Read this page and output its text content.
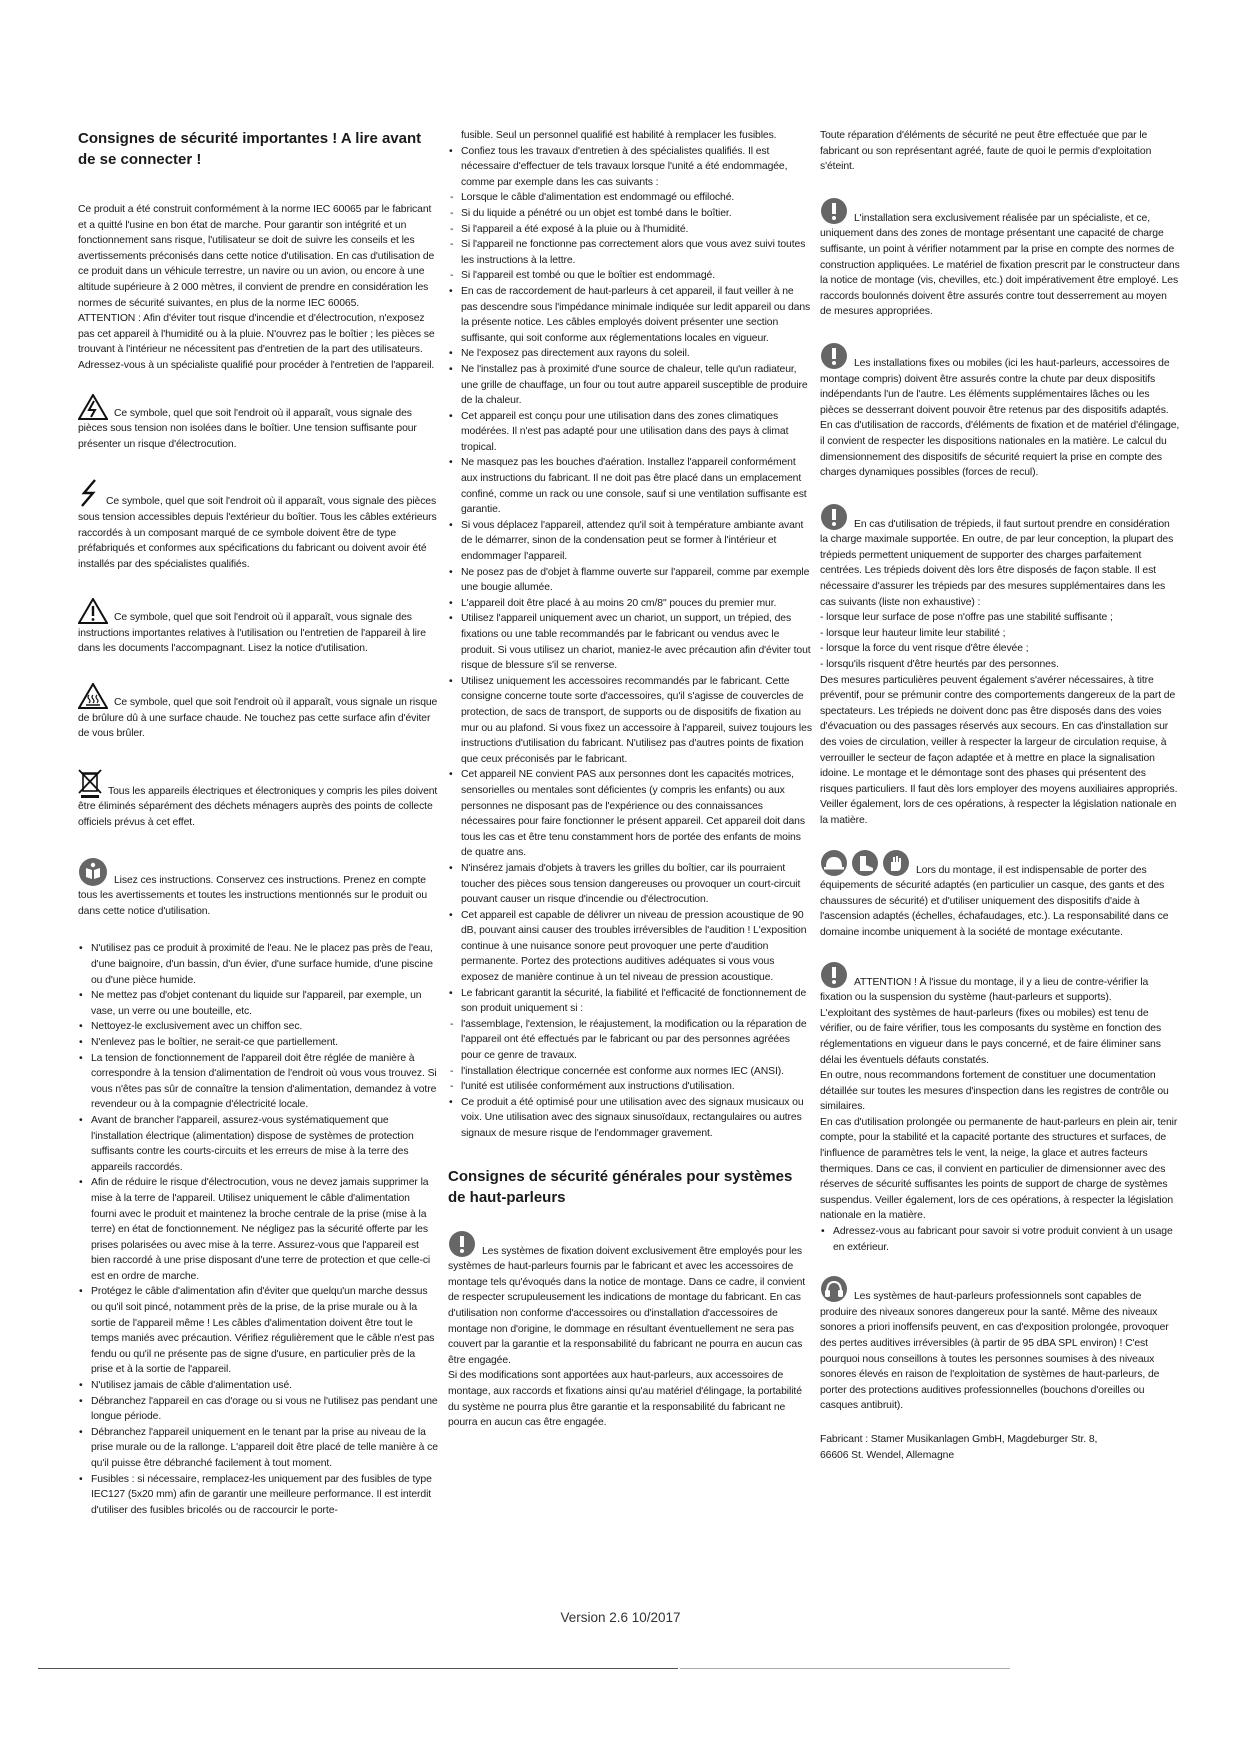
Consignes de sécurité importantes ! A lire avant de se connecter !

Ce produit a été construit conformément à la norme IEC 60065 par le fabricant et a quitté l'usine en bon état de marche. Pour garantir son intégrité et un fonctionnement sans risque, l'utilisateur se doit de suivre les conseils et les avertissements préconisés dans cette notice d'utilisation. En cas d'utilisation de ce produit dans un véhicule terrestre, un navire ou un avion, ou encore à une altitude supérieure à 2 000 mètres, il convient de prendre en considération les normes de sécurité suivantes, en plus de la norme IEC 60065.

ATTENTION : Afin d'éviter tout risque d'incendie et d'électrocution, n'exposez pas cet appareil à l'humidité ou à la pluie. N'ouvrez pas le boîtier ; les pièces se trouvant à l'intérieur ne nécessitent pas d'entretien de la part des utilisateurs. Adressez-vous à un spécialiste qualifié pour procéder à l'entretien de l'appareil.

Ce symbole, quel que soit l'endroit où il apparaît, vous signale des pièces sous tension non isolées dans le boîtier. Une tension suffisante pour présenter un risque d'électrocution.

Ce symbole, quel que soit l'endroit où il apparaît, vous signale des pièces sous tension accessibles depuis l'extérieur du boîtier. Tous les câbles extérieurs raccordés à un composant marqué de ce symbole doivent être de type préfabriqués et conformes aux spécifications du fabricant ou doivent avoir été installés par des spécialistes qualifiés.

Ce symbole, quel que soit l'endroit où il apparaît, vous signale des instructions importantes relatives à l'utilisation ou l'entretien de l'appareil à lire dans les documents l'accompagnant. Lisez la notice d'utilisation.

Ce symbole, quel que soit l'endroit où il apparaît, vous signale un risque de brûlure dû à une surface chaude. Ne touchez pas cette surface afin d'éviter de vous brûler.

Tous les appareils électriques et électroniques y compris les piles doivent être éliminés séparément des déchets ménagers auprès des points de collecte officiels prévus à cet effet.

Lisez ces instructions. Conservez ces instructions. Prenez en compte tous les avertissements et toutes les instructions mentionnés sur le produit ou dans cette notice d'utilisation.

• N'utilisez pas ce produit à proximité de l'eau. Ne le placez pas près de l'eau, d'une baignoire, d'un bassin, d'un évier, d'une surface humide, d'une piscine ou d'une pièce humide.
• Ne mettez pas d'objet contenant du liquide sur l'appareil, par exemple, un vase, un verre ou une bouteille, etc.
• Nettoyez-le exclusivement avec un chiffon sec.
• N'enlevez pas le boîtier, ne serait-ce que partiellement.
• La tension de fonctionnement de l'appareil doit être réglée de manière à correspondre à la tension d'alimentation de l'endroit où vous vous trouvez. Si vous n'êtes pas sûr de connaître la tension d'alimentation, demandez à votre revendeur ou à la compagnie d'électricité locale.
• Avant de brancher l'appareil, assurez-vous systématiquement que l'installation électrique (alimentation) dispose de systèmes de protection suffisants contre les courts-circuits et les erreurs de mise à la terre des appareils raccordés.
• Afin de réduire le risque d'électrocution, vous ne devez jamais supprimer la mise à la terre de l'appareil. Utilisez uniquement le câble d'alimentation fourni avec le produit et maintenez la broche centrale de la prise (mise à la terre) en état de fonctionnement. Ne négligez pas la sécurité offerte par les prises polarisées ou avec mise à la terre. Assurez-vous que l'appareil est bien raccordé à une prise disposant d'une terre de protection et que celle-ci est en ordre de marche.
• Protégez le câble d'alimentation afin d'éviter que quelqu'un marche dessus ou qu'il soit pincé, notamment près de la prise, de la prise murale ou à la sortie de l'appareil même ! Les câbles d'alimentation doivent être tout le temps maniés avec précaution. Vérifiez régulièrement que le câble n'est pas fendu ou qu'il ne présente pas de signe d'usure, en particulier près de la prise et à la sortie de l'appareil.
• N'utilisez jamais de câble d'alimentation usé.
• Débranchez l'appareil en cas d'orage ou si vous ne l'utilisez pas pendant une longue période.
• Débranchez l'appareil uniquement en le tenant par la prise au niveau de la prise murale ou de la rallonge. L'appareil doit être placé de telle manière à ce qu'il puisse être débranché facilement à tout moment.
• Fusibles : si nécessaire, remplacez-les uniquement par des fusibles de type IEC127 (5x20 mm) afin de garantir une meilleure performance. Il est interdit d'utiliser des fusibles bricolés ou de raccourcir le porte-

fusible. Seul un personnel qualifié est habilité à remplacer les fusibles.

• Confiez tous les travaux d'entretien à des spécialistes qualifiés. Il est nécessaire d'effectuer de tels travaux lorsque l'unité a été endommagée, comme par exemple dans les cas suivants :
- Lorsque le câble d'alimentation est endommagé ou effiloché.
- Si du liquide a pénétré ou un objet est tombé dans le boîtier.
- Si l'appareil a été exposé à la pluie ou à l'humidité.
- Si l'appareil ne fonctionne pas correctement alors que vous avez suivi toutes les instructions à la lettre.
- Si l'appareil est tombé ou que le boîtier est endommagé.
• En cas de raccordement de haut-parleurs à cet appareil, il faut veiller à ne pas descendre sous l'impédance minimale indiquée sur ledit appareil ou dans la présente notice. Les câbles employés doivent présenter une section suffisante, qui soit conforme aux réglementations locales en vigueur.
• Ne l'exposez pas directement aux rayons du soleil.
• Ne l'installez pas à proximité d'une source de chaleur, telle qu'un radiateur, une grille de chauffage, un four ou tout autre appareil susceptible de produire de la chaleur.
• Cet appareil est conçu pour une utilisation dans des zones climatiques modérées. Il n'est pas adapté pour une utilisation dans des pays à climat tropical.
• Ne masquez pas les bouches d'aération. Installez l'appareil conformément aux instructions du fabricant. Il ne doit pas être placé dans un emplacement confiné, comme un rack ou une console, sauf si une ventilation suffisante est garantie.
• Si vous déplacez l'appareil, attendez qu'il soit à température ambiante avant de le démarrer, sinon de la condensation peut se former à l'intérieur et endommager l'appareil.
• Ne posez pas de d'objet à flamme ouverte sur l'appareil, comme par exemple une bougie allumée.
• L'appareil doit être placé à au moins 20 cm/8" pouces du premier mur.
• Utilisez l'appareil uniquement avec un chariot, un support, un trépied, des fixations ou une table recommandés par le fabricant ou vendus avec le produit. Si vous utilisez un chariot, maniez-le avec précaution afin d'éviter tout risque de blessure s'il se renverse.
• Utilisez uniquement les accessoires recommandés par le fabricant. Cette consigne concerne toute sorte d'accessoires, qu'il s'agisse de couvercles de protection, de sacs de transport, de supports ou de dispositifs de fixation au mur ou au plafond. Si vous fixez un accessoire à l'appareil, suivez toujours les instructions d'utilisation du fabricant. N'utilisez pas d'autres points de fixation que ceux préconisés par le fabricant.
• Cet appareil NE convient PAS aux personnes dont les capacités motrices, sensorielles ou mentales sont déficientes (y compris les enfants) ou aux personnes ne disposant pas de l'expérience ou des connaissances nécessaires pour faire fonctionner le présent appareil. Cet appareil doit dans tous les cas et être tenu constamment hors de portée des enfants de moins de quatre ans.
• N'insérez jamais d'objets à travers les grilles du boîtier, car ils pourraient toucher des pièces sous tension dangereuses ou provoquer un court-circuit pouvant causer un risque d'incendie ou d'électrocution.
• Cet appareil est capable de délivrer un niveau de pression acoustique de 90 dB, pouvant ainsi causer des troubles irréversibles de l'audition ! L'exposition continue à une nuisance sonore peut provoquer une perte d'audition permanente. Portez des protections auditives adéquates si vous vous exposez de manière continue à un tel niveau de pression acoustique.
• Le fabricant garantit la sécurité, la fiabilité et l'efficacité de fonctionnement de son produit uniquement si :
- l'assemblage, l'extension, le réajustement, la modification ou la réparation de l'appareil ont été effectués par le fabricant ou par des personnes agréées pour ce genre de travaux.
- l'installation électrique concernée est conforme aux normes IEC (ANSI).
- l'unité est utilisée conformément aux instructions d'utilisation.
• Ce produit a été optimisé pour une utilisation avec des signaux musicaux ou voix. Une utilisation avec des signaux sinusoïdaux, rectangulaires ou autres signaux de mesure risque de l'endommager gravement.
Consignes de sécurité générales pour systèmes de haut-parleurs

Les systèmes de fixation doivent exclusivement être employés pour les systèmes de haut-parleurs fournis par le fabricant et avec les accessoires de montage tels qu'évoqués dans la notice de montage. Dans ce cadre, il convient de respecter scrupuleusement les indications de montage du fabricant. En cas d'utilisation non conforme d'accessoires ou d'installation d'accessoires de montage non d'origine, le dommage en résultant éventuellement ne sera pas couvert par la garantie et la responsabilité du fabricant ne pourra en aucun cas être engagée.

Si des modifications sont apportées aux haut-parleurs, aux accessoires de montage, aux raccords et fixations ainsi qu'au matériel d'élingage, la portabilité du système ne pourra plus être garantie et la responsabilité du fabricant ne pourra en aucun cas être engagée.

Toute réparation d'éléments de sécurité ne peut être effectuée que par le fabricant ou son représentant agréé, faute de quoi le permis d'exploitation s'éteint.

L'installation sera exclusivement réalisée par un spécialiste, et ce, uniquement dans des zones de montage présentant une capacité de charge suffisante, un point à vérifier notamment par la prise en compte des normes de construction appliquées. Le matériel de fixation prescrit par le constructeur dans la notice de montage (vis, chevilles, etc.) doit impérativement être employé. Les raccords boulonnés doivent être assurés contre tout desserrement au moyen de mesures appropriées.

Les installations fixes ou mobiles (ici les haut-parleurs, accessoires de montage compris) doivent être assurés contre la chute par deux dispositifs indépendants l'un de l'autre. Les éléments supplémentaires lâches ou les pièces se desserrant doivent pouvoir être retenus par des dispositifs adaptés. En cas d'utilisation de raccords, d'éléments de fixation et de matériel d'élingage, il convient de respecter les dispositions nationales en la matière. Le calcul du dimensionnement des dispositifs de sécurité requiert la prise en compte des charges dynamiques possibles (forces de recul).

En cas d'utilisation de trépieds, il faut surtout prendre en considération la charge maximale supportée. En outre, de par leur conception, la plupart des trépieds permettent uniquement de supporter des charges parfaitement centrées. Les trépieds doivent dès lors être disposés de façon stable. Il est nécessaire d'assurer les trépieds par des mesures supplémentaires dans les cas suivants (liste non exhaustive) :

- lorsque leur surface de pose n'offre pas une stabilité suffisante ;

- lorsque leur hauteur limite leur stabilité ;

- lorsque la force du vent risque d'être élevée ;

- lorsqu'ils risquent d'être heurtés par des personnes.

Des mesures particulières peuvent également s'avérer nécessaires, à titre préventif, pour se prémunir contre des comportements dangereux de la part de spectateurs. Les trépieds ne doivent donc pas être disposés dans des voies d'évacuation ou des passages réservés aux secours. En cas d'installation sur des voies de circulation, veiller à respecter la largeur de circulation requise, à verrouiller le secteur de façon adaptée et à mettre en place la signalisation idoine. Le montage et le démontage sont des phases qui présentent des risques particuliers. Il faut dès lors employer des moyens auxiliaires appropriés. Veiller également, lors de ces opérations, à respecter la législation nationale en la matière.

Lors du montage, il est indispensable de porter des équipements de sécurité adaptés (en particulier un casque, des gants et des chaussures de sécurité) et d'utiliser uniquement des dispositifs d'aide à l'ascension adaptés (échelles, échafaudages, etc.). La responsabilité dans ce domaine incombe uniquement à la société de montage exécutante.

ATTENTION ! À l'issue du montage, il y a lieu de contre-vérifier la fixation ou la suspension du système (haut-parleurs et supports).

L'exploitant des systèmes de haut-parleurs (fixes ou mobiles) est tenu de vérifier, ou de faire vérifier, tous les composants du système en fonction des réglementations en vigueur dans le pays concerné, et de faire éliminer sans délai les éventuels défauts constatés.

En outre, nous recommandons fortement de constituer une documentation détaillée sur toutes les mesures d'inspection dans les registres de contrôle ou similaires.

En cas d'utilisation prolongée ou permanente de haut-parleurs en plein air, tenir compte, pour la stabilité et la capacité portante des structures et surfaces, de l'influence de paramètres tels le vent, la neige, la glace et autres facteurs thermiques. Dans ce cas, il convient en particulier de dimensionner avec des réserves de sécurité suffisantes les points de support de charge de systèmes suspendus. Veiller également, lors de ces opérations, à respecter la législation nationale en la matière.

• Adressez-vous au fabricant pour savoir si votre produit convient à un usage en extérieur.

Les systèmes de haut-parleurs professionnels sont capables de produire des niveaux sonores dangereux pour la santé. Même des niveaux sonores a priori inoffensifs peuvent, en cas d'exposition prolongée, provoquer des pertes auditives irréversibles (à partir de 95 dBA SPL environ) ! C'est pourquoi nous conseillons à toutes les personnes soumises à des niveaux sonores élevés en raison de l'exploitation de systèmes de haut-parleurs, de porter des protections auditives professionnelles (bouchons d'oreilles ou casques antibruit).

Fabricant : Stamer Musikanlagen GmbH, Magdeburger Str. 8,

66606 St. Wendel, Allemagne

Version 2.6 10/2017
